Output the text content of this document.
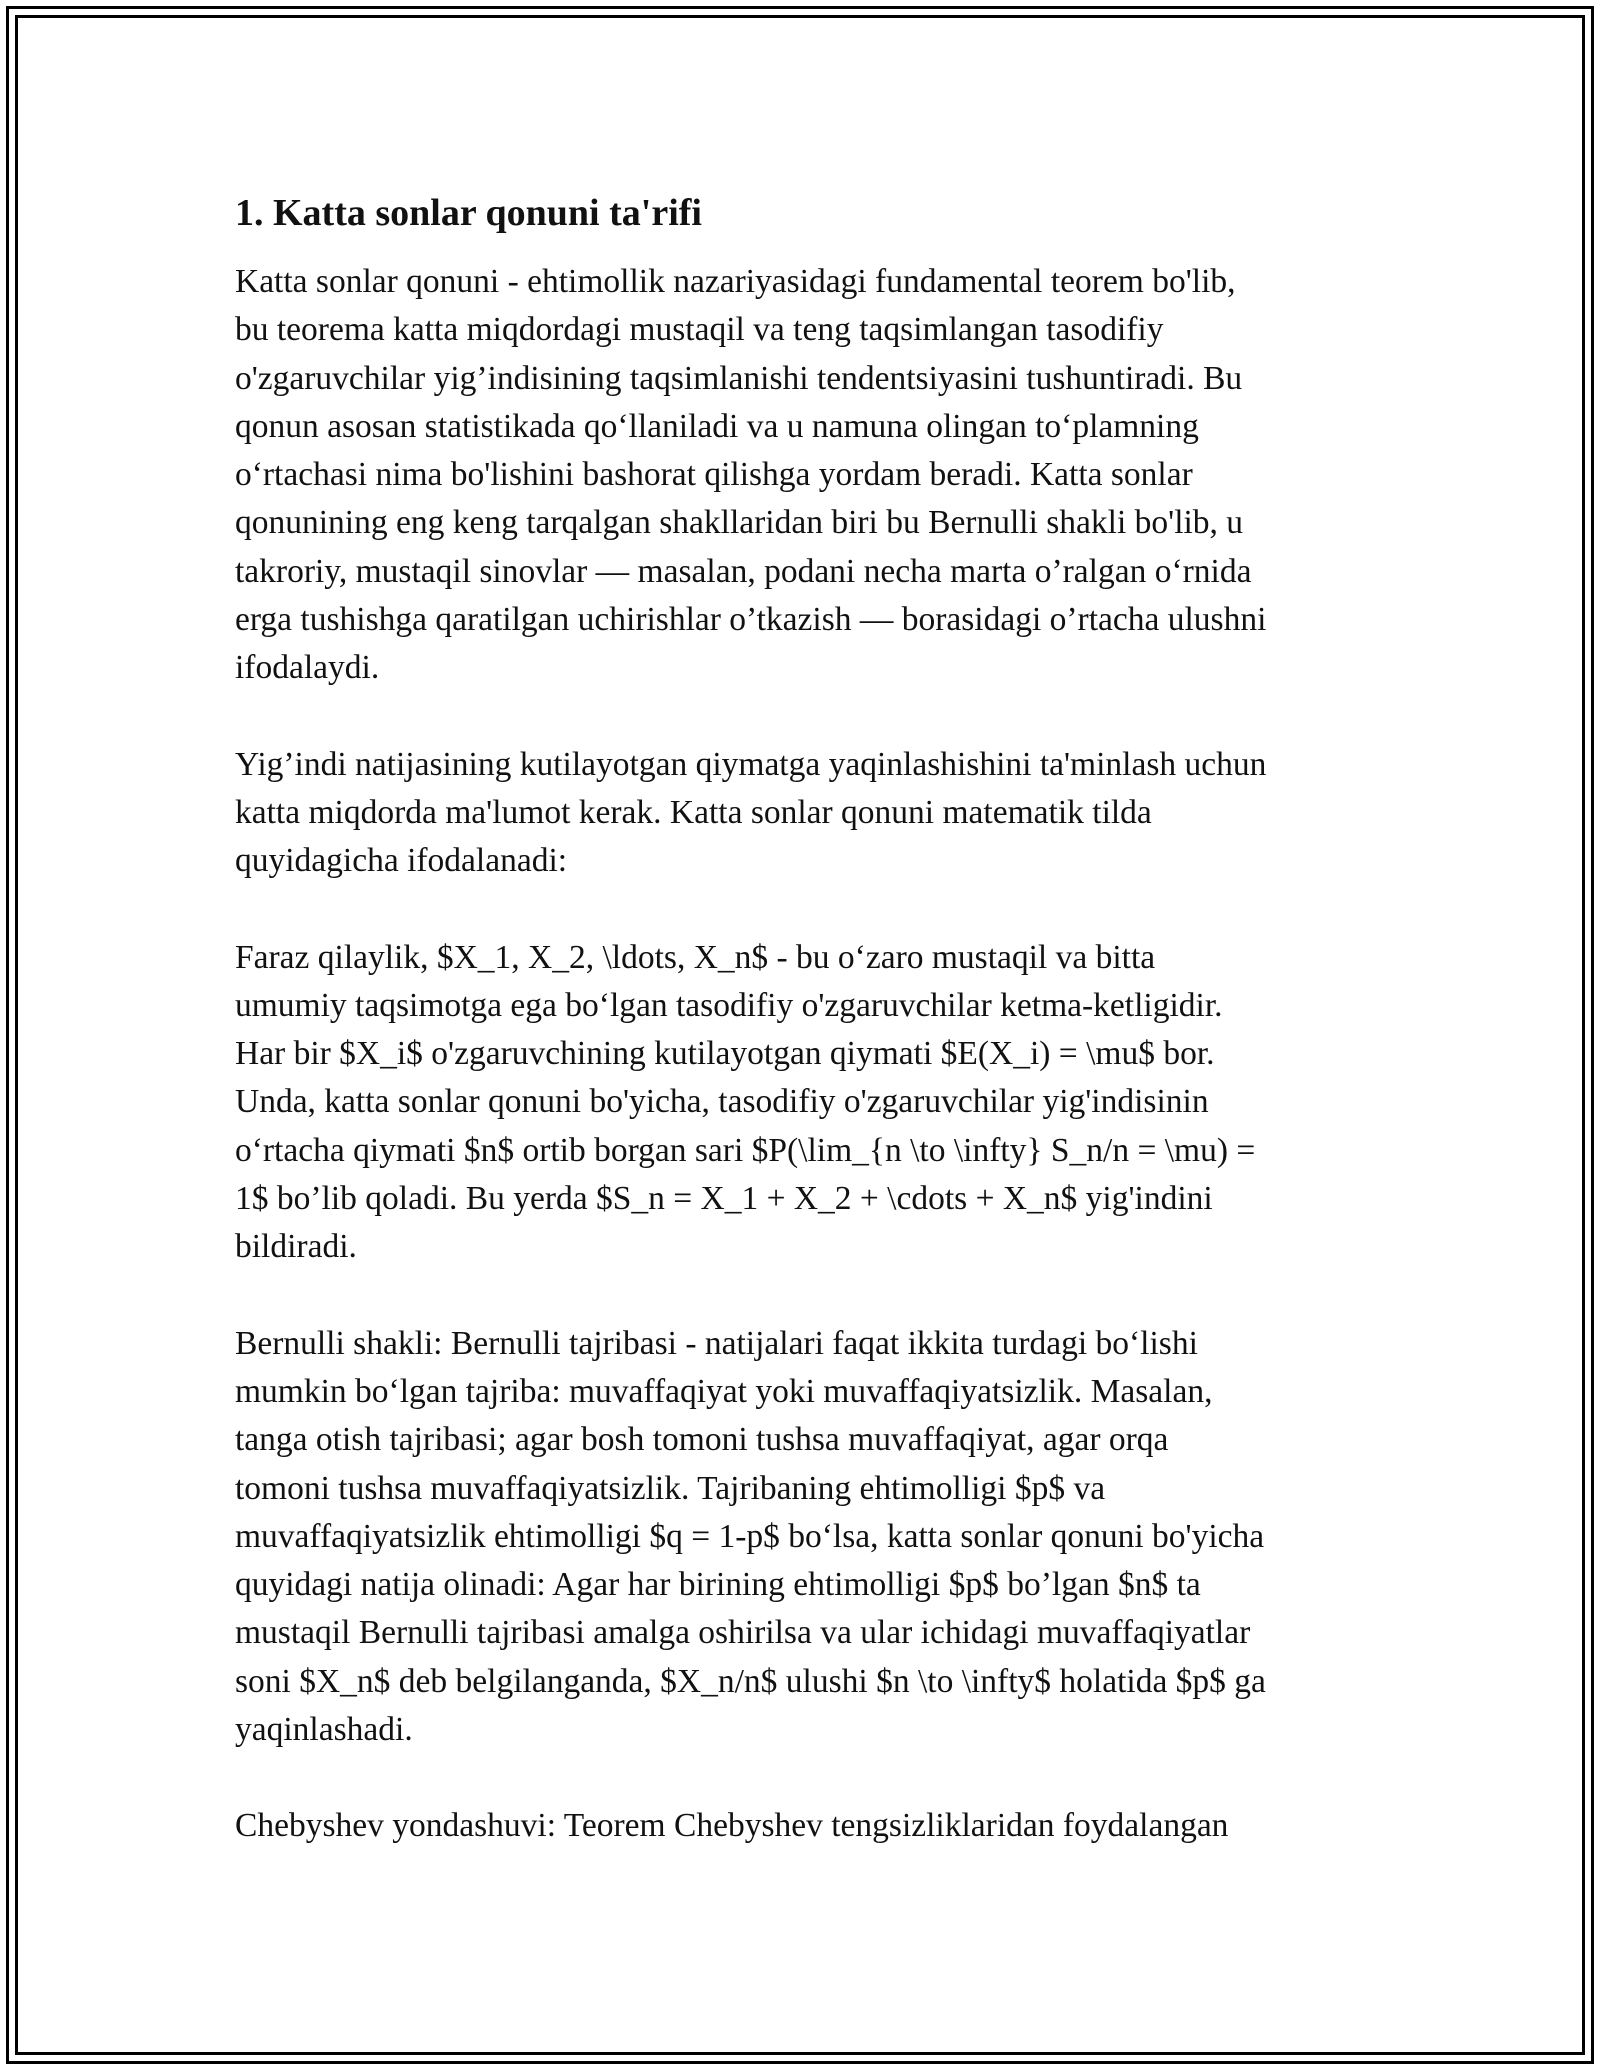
1. Katta sonlar qonuni ta'rifi

Katta sonlar qonuni - ehtimollik nazariyasidagi fundamental teorem bo'lib,
bu teorema katta miqdordagi mustaqil va teng taqsimlangan tasodifiy
o'zgaruvchilar yig’indisining taqsimlanishi tendentsiyasini tushuntiradi. Bu
qonun asosan statistikada qo‘llaniladi va u namuna olingan to‘plamning
o‘rtachasi nima bo'lishini bashorat qilishga yordam beradi. Katta sonlar
qonunining eng keng tarqalgan shakllaridan biri bu Bernulli shakli bo'lib, u
takroriy, mustaqil sinovlar — masalan, podani necha marta o’ralgan o‘rnida
erga tushishga qaratilgan uchirishlar o’tkazish — borasidagi o’rtacha ulushni
ifodalaydi.

Yig’indi natijasining kutilayotgan qiymatga yaqinlashishini ta'minlash uchun
katta miqdorda ma'lumot kerak. Katta sonlar qonuni matematik tilda
quyidagicha ifodalanadi:

Faraz qilaylik, $X_1, X_2, \ldots, X_n$ - bu o‘zaro mustaqil va bitta
umumiy taqsimotga ega bo‘lgan tasodifiy o'zgaruvchilar ketma-ketligidir.
Har bir $X_i$ o'zgaruvchining kutilayotgan qiymati $E(X_i) = \mu$ bor.
Unda, katta sonlar qonuni bo'yicha, tasodifiy o'zgaruvchilar yig'indisinin
o‘rtacha qiymati $n$ ortib borgan sari $P(\lim_{n \to \infty} S_n/n = \mu) =
1$ bo’lib qoladi. Bu yerda $S_n = X_1 + X_2 + \cdots + X_n$ yig'indini
bildiradi.

Bernulli shakli: Bernulli tajribasi - natijalari faqat ikkita turdagi bo‘lishi
mumkin bo‘lgan tajriba: muvaffaqiyat yoki muvaffaqiyatsizlik. Masalan,
tanga otish tajribasi; agar bosh tomoni tushsa muvaffaqiyat, agar orqa
tomoni tushsa muvaffaqiyatsizlik. Tajribaning ehtimolligi $p$ va
muvaffaqiyatsizlik ehtimolligi $q = 1-p$ bo‘lsa, katta sonlar qonuni bo'yicha
quyidagi natija olinadi: Agar har birining ehtimolligi $p$ bo’lgan $n$ ta
mustaqil Bernulli tajribasi amalga oshirilsa va ular ichidagi muvaffaqiyatlar
soni $X_n$ deb belgilanganda, $X_n/n$ ulushi $n \to \infty$ holatida $p$ ga
yaqinlashadi.

Chebyshev yondashuvi: Teorem Chebyshev tengsizliklaridan foydalangan
